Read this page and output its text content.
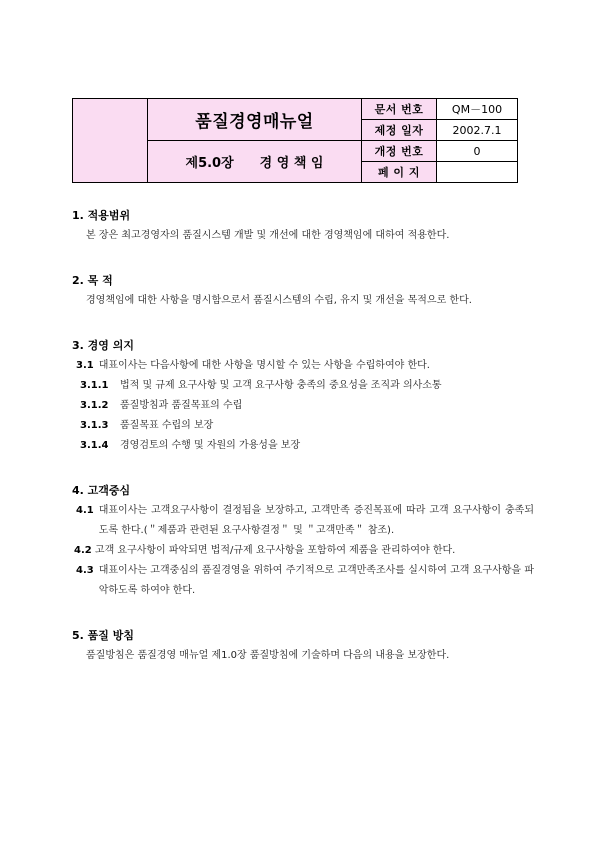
	품질경영매뉴얼	문서 번호	QM－100
		제정 일자	2002.7.1
	제5.0장 경 영 책 임	개정 번호	0
		페 이 지	
1. 적용범위
본 장은 최고경영자의 품질시스템 개발 및 개선에 대한 경영책임에 대하여 적용한다.
2. 목 적
경영책임에 대한 사항을 명시함으로서 품질시스템의 수립, 유지 및 개선을 목적으로 한다.
3. 경영 의지
3.1 대표이사는 다음사항에 대한 사항을 명시할 수 있는 사항을 수립하여야 한다.
3.1.1	법적 및 규제 요구사항 및 고객 요구사항 충족의 중요성을 조직과 의사소통
3.1.2	품질방침과 품질목표의 수립
3.1.3	품질목표 수립의 보장
3.1.4	경영검토의 수행 및 자원의 가용성을 보장
4. 고객중심
4.1 대표이사는 고객요구사항이 결정됨을 보장하고, 고객만족 증진목표에 따라 고객 요구사항이 충족되도록 한다.(＂제품과 관련된 요구사항결정＂ 및 ＂고객만족＂ 참조).
4.2 고객 요구사항이 파악되면 법적/규제 요구사항을 포함하여 제품을 관리하여야 한다.
4.3 대표이사는 고객중심의 품질경영을 위하여 주기적으로 고객만족조사를 실시하여 고객 요구사항을 파악하도록 하여야 한다.
5. 품질 방침
품질방침은 품질경영 매뉴얼 제1.0장 품질방침에 기술하며 다음의 내용을 보장한다.
